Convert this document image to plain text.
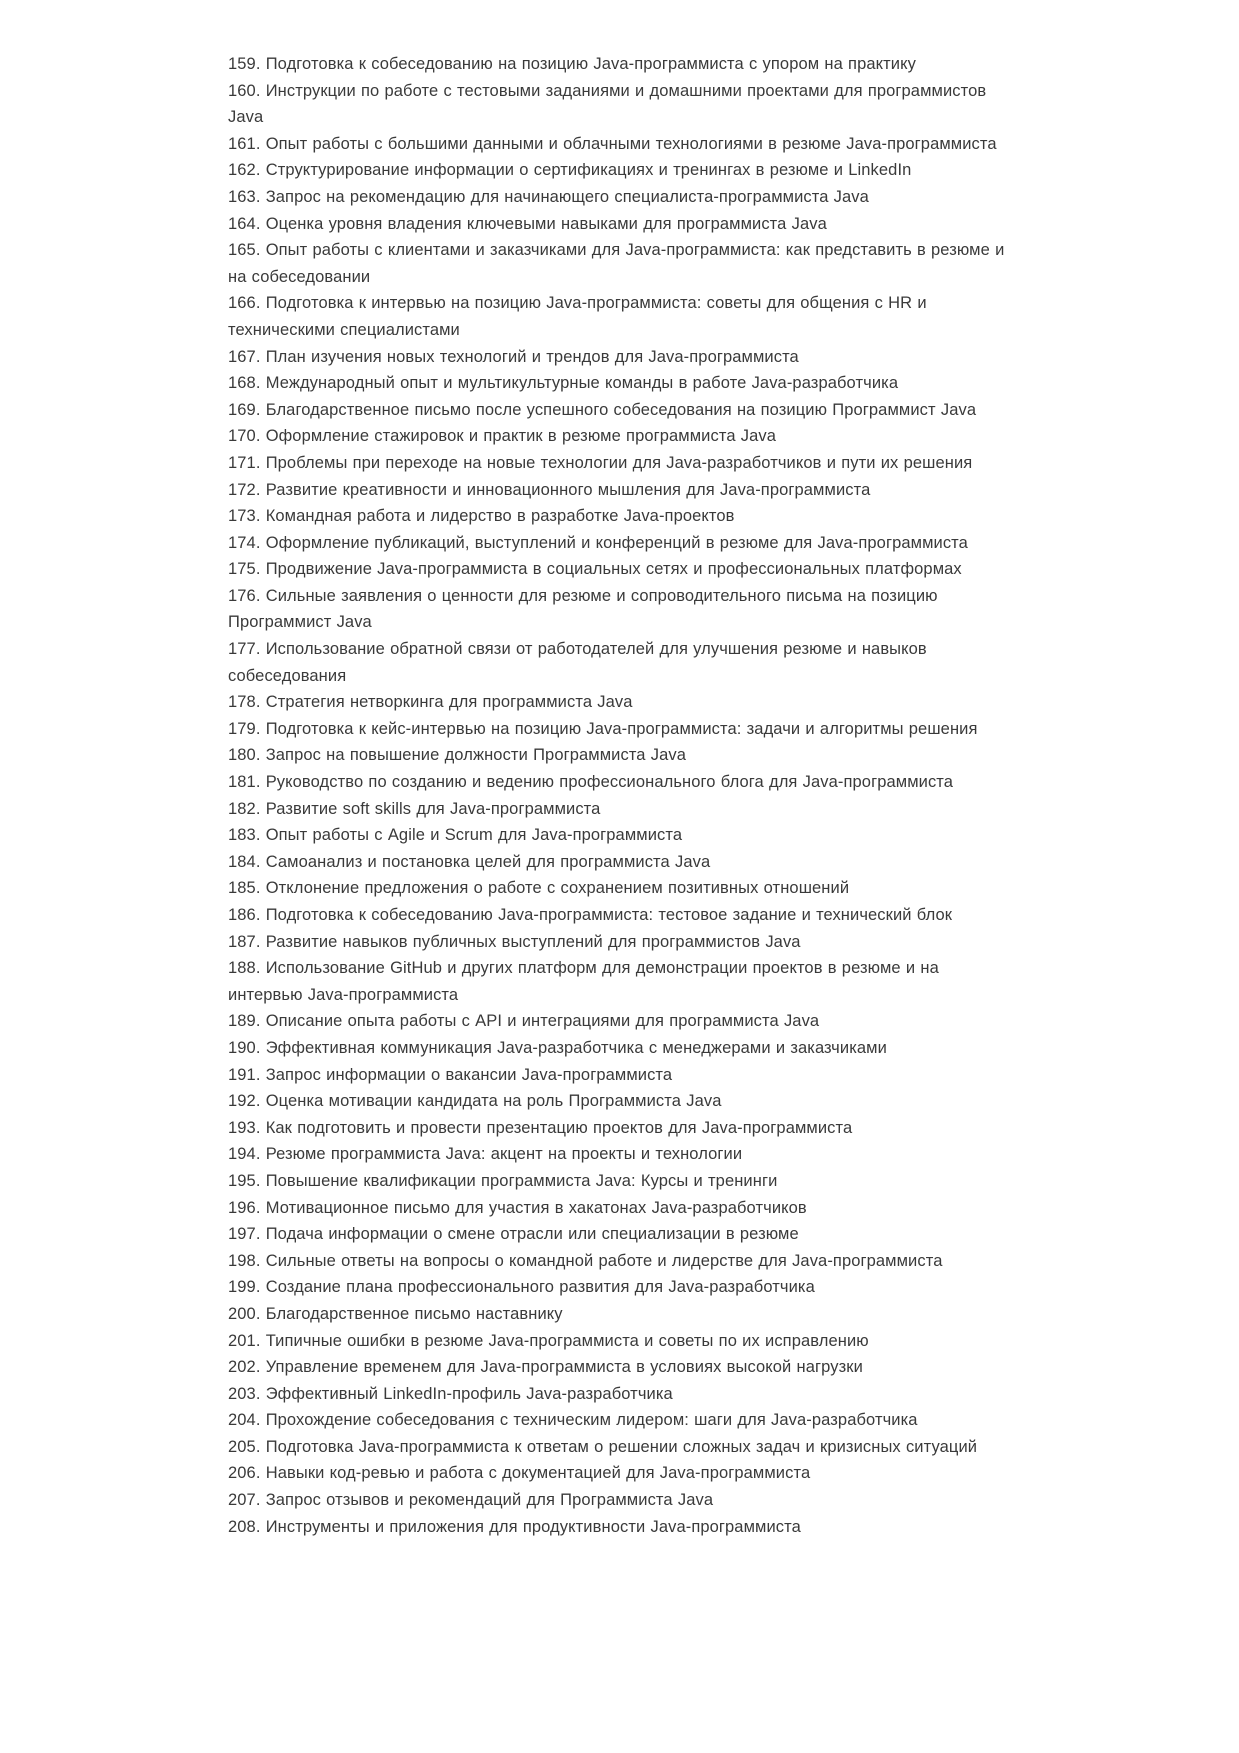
159. Подготовка к собеседованию на позицию Java-программиста с упором на практику

160. Инструкции по работе с тестовыми заданиями и домашними проектами для программистов Java

161. Опыт работы с большими данными и облачными технологиями в резюме Java-программиста

162. Структурирование информации о сертификациях и тренингах в резюме и LinkedIn

163. Запрос на рекомендацию для начинающего специалиста-программиста Java

164. Оценка уровня владения ключевыми навыками для программиста Java

165. Опыт работы с клиентами и заказчиками для Java-программиста: как представить в резюме и на собеседовании

166. Подготовка к интервью на позицию Java-программиста: советы для общения с HR и техническими специалистами

167. План изучения новых технологий и трендов для Java-программиста

168. Международный опыт и мультикультурные команды в работе Java-разработчика

169. Благодарственное письмо после успешного собеседования на позицию Программист Java

170. Оформление стажировок и практик в резюме программиста Java

171. Проблемы при переходе на новые технологии для Java-разработчиков и пути их решения

172. Развитие креативности и инновационного мышления для Java-программиста

173. Командная работа и лидерство в разработке Java-проектов

174. Оформление публикаций, выступлений и конференций в резюме для Java-программиста

175. Продвижение Java-программиста в социальных сетях и профессиональных платформах

176. Сильные заявления о ценности для резюме и сопроводительного письма на позицию Программист Java

177. Использование обратной связи от работодателей для улучшения резюме и навыков собеседования

178. Стратегия нетворкинга для программиста Java

179. Подготовка к кейс-интервью на позицию Java-программиста: задачи и алгоритмы решения

180. Запрос на повышение должности Программиста Java

181. Руководство по созданию и ведению профессионального блога для Java-программиста

182. Развитие soft skills для Java-программиста

183. Опыт работы с Agile и Scrum для Java-программиста

184. Самоанализ и постановка целей для программиста Java

185. Отклонение предложения о работе с сохранением позитивных отношений

186. Подготовка к собеседованию Java-программиста: тестовое задание и технический блок

187. Развитие навыков публичных выступлений для программистов Java

188. Использование GitHub и других платформ для демонстрации проектов в резюме и на интервью Java-программиста

189. Описание опыта работы с API и интеграциями для программиста Java

190. Эффективная коммуникация Java-разработчика с менеджерами и заказчиками

191. Запрос информации о вакансии Java-программиста

192. Оценка мотивации кандидата на роль Программиста Java

193. Как подготовить и провести презентацию проектов для Java-программиста

194. Резюме программиста Java: акцент на проекты и технологии

195. Повышение квалификации программиста Java: Курсы и тренинги

196. Мотивационное письмо для участия в хакатонах Java-разработчиков

197. Подача информации о смене отрасли или специализации в резюме

198. Сильные ответы на вопросы о командной работе и лидерстве для Java-программиста

199. Создание плана профессионального развития для Java-разработчика

200. Благодарственное письмо наставнику

201. Типичные ошибки в резюме Java-программиста и советы по их исправлению

202. Управление временем для Java-программиста в условиях высокой нагрузки

203. Эффективный LinkedIn-профиль Java-разработчика

204. Прохождение собеседования с техническим лидером: шаги для Java-разработчика

205. Подготовка Java-программиста к ответам о решении сложных задач и кризисных ситуаций

206. Навыки код-ревью и работа с документацией для Java-программиста

207. Запрос отзывов и рекомендаций для Программиста Java

208. Инструменты и приложения для продуктивности Java-программиста
